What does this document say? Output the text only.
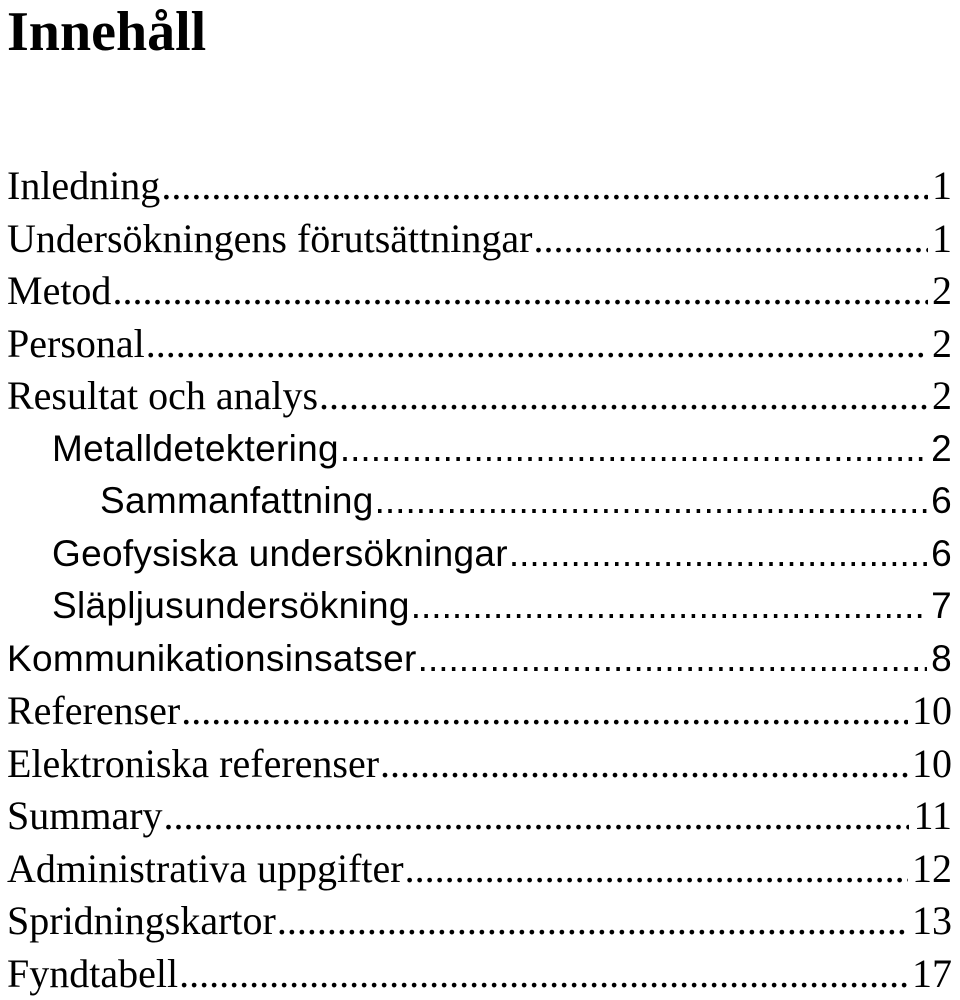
Innehåll
Inledning .....	1
Undersökningens förutsättningar .....	1
Metod .....	2
Personal .....	2
Resultat och analys .....	2
Metalldetektering .....	2
Sammanfattning .....	6
Geofysiska undersökningar .....	6
Släpljusundersökning .....	7
Kommunikationsinsatser .....	8
Referenser .....	10
Elektroniska referenser .....	10
Summary .....	11
Administrativa uppgifter .....	12
Spridningskartor .....	13
Fyndtabell .....	17
